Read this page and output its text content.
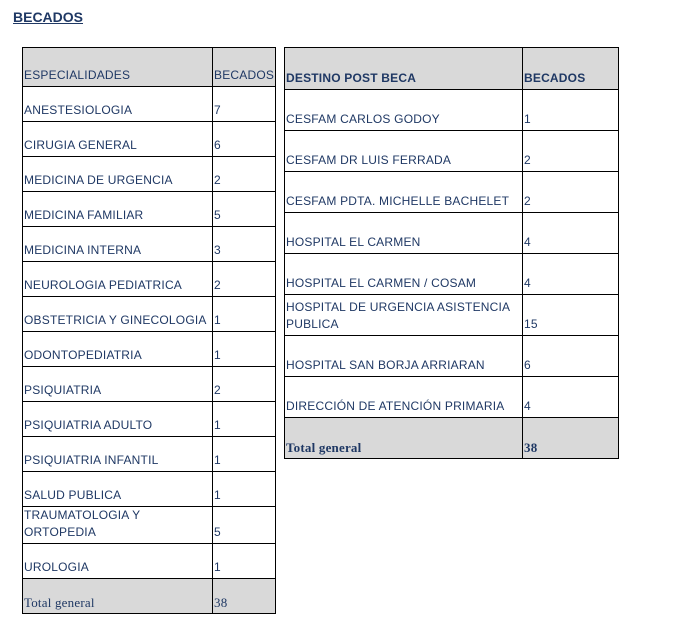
BECADOS
ESPECIALIDADES	BECADOS
ANESTESIOLOGIA	7
CIRUGIA GENERAL	6
MEDICINA DE URGENCIA	2
MEDICINA FAMILIAR	5
MEDICINA INTERNA	3
NEUROLOGIA PEDIATRICA	2
OBSTETRICIA Y GINECOLOGIA	1
ODONTOPEDIATRIA	1
PSIQUIATRIA	2
PSIQUIATRIA ADULTO	1
PSIQUIATRIA INFANTIL	1
SALUD PUBLICA	1
TRAUMATOLOGIA Y ORTOPEDIA	5
UROLOGIA	1
Total general	38
DESTINO POST BECA	BECADOS
CESFAM CARLOS GODOY	1
CESFAM DR LUIS FERRADA	2
CESFAM PDTA. MICHELLE BACHELET	2
HOSPITAL EL CARMEN	4
HOSPITAL EL CARMEN / COSAM	4
HOSPITAL DE URGENCIA ASISTENCIA PUBLICA	15
HOSPITAL SAN BORJA ARRIARAN	6
DIRECCIÓN DE ATENCIÓN PRIMARIA	4
Total general	38
